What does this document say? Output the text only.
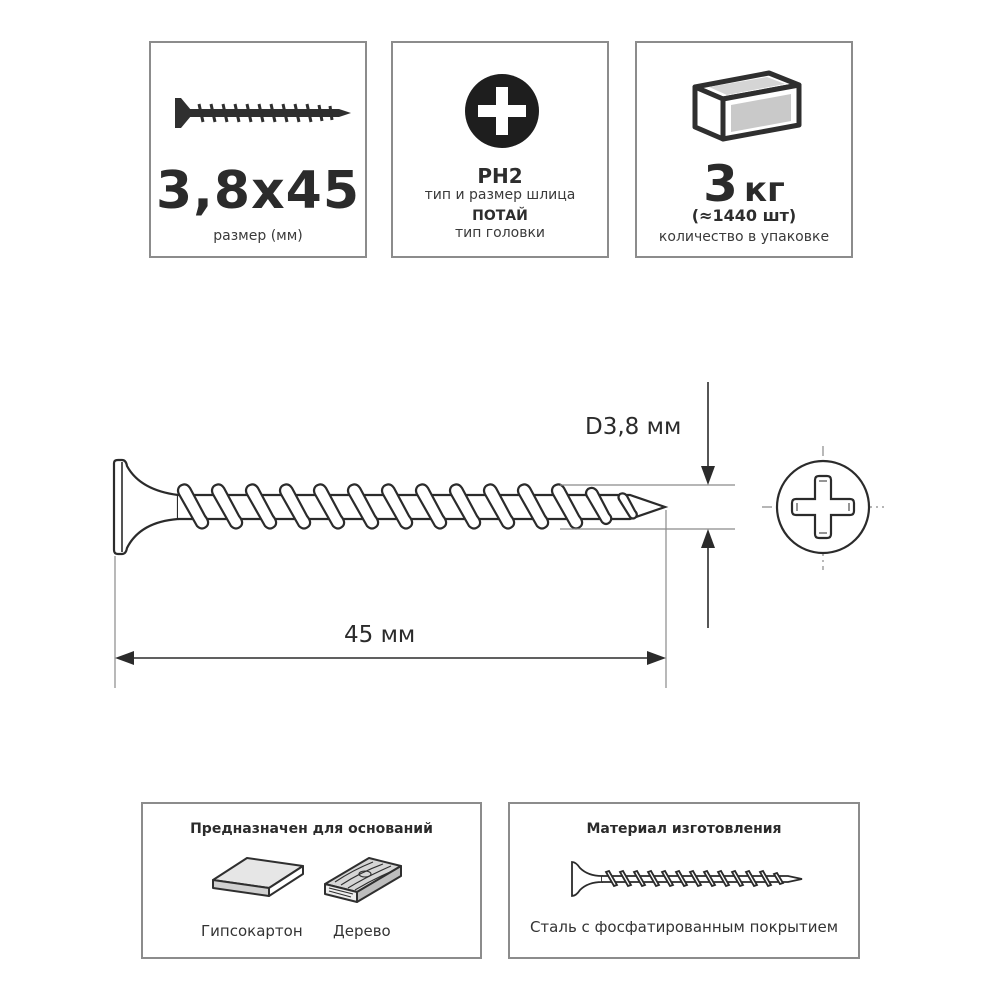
3,8x45
размер (мм)
PH2
тип и размер шлица
ПОТАЙ
тип головки
3 кг
(≈1440 шт)
количество в упаковке
D3,8 мм
45 мм
Предназначен для оснований
Гипсокартон Дерево
Материал изготовления
Сталь с фосфатированным покрытием
